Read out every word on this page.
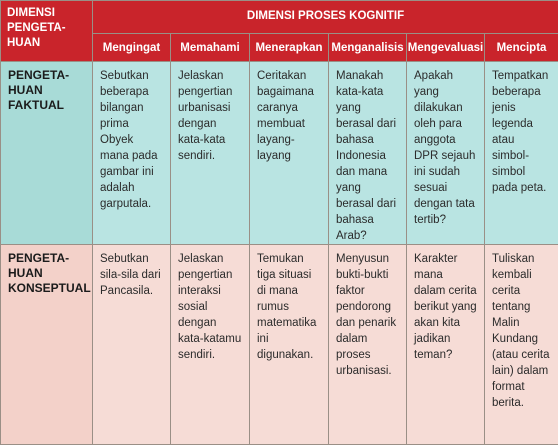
DIMENSI PENGETA-HUAN	DIMENSI PROSES KOGNITIF					
	Mengingat	Memahami	Menerapkan	Menganalisis	Mengevaluasi	Mencipta
PENGETA-HUAN FAKTUAL	Sebutkan beberapa bilangan prima Obyek mana pada gambar ini adalah garputala.	Jelaskan pengertian urbanisasi dengan kata-kata sendiri.	Ceritakan bagaimana caranya membuat layang-layang	Manakah kata-kata yang berasal dari bahasa Indonesia dan mana yang berasal dari bahasa Arab?	Apakah yang dilakukan oleh para anggota DPR sejauh ini sudah sesuai dengan tata tertib?	Tempatkan beberapa jenis legenda atau simbol-simbol pada peta.
PENGETA-HUAN KONSEPTUAL	Sebutkan sila-sila dari Pancasila.	Jelaskan pengertian interaksi sosial dengan kata-katamu sendiri.	Temukan tiga situasi di mana rumus matematika ini digunakan.	Menyusun bukti-bukti faktor pendorong dan penarik dalam proses urbanisasi.	Karakter mana dalam cerita berikut yang akan kita jadikan teman?	Tuliskan kembali cerita tentang Malin Kundang (atau cerita lain) dalam format berita.
